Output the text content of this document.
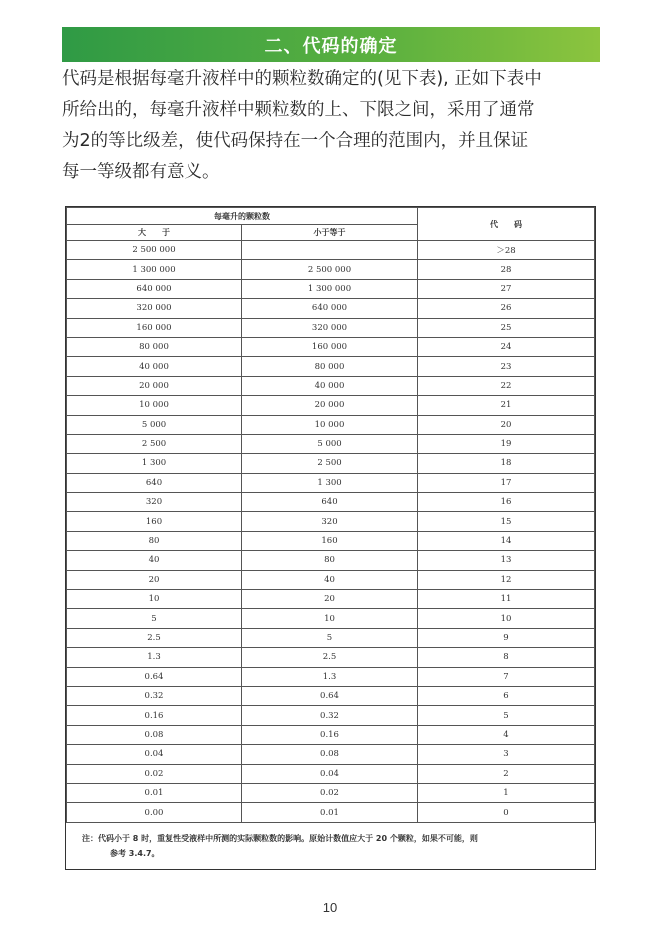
二、代码的确定
代码是根据每毫升液样中的颗粒数确定的(见下表), 正如下表中
所给出的，每毫升液样中颗粒数的上、下限之间，采用了通常
为2的等比级差，使代码保持在一个合理的范围内，并且保证
每一等级都有意义。
每毫升的颗粒数		代　　码
大　　于	小于等于	
2 500 000		＞28
1 300 000	2 500 000	28
640 000	1 300 000	27
320 000	640 000	26
160 000	320 000	25
80 000	160 000	24
40 000	80 000	23
20 000	40 000	22
10 000	20 000	21
5 000	10 000	20
2 500	5 000	19
1 300	2 500	18
640	1 300	17
320	640	16
160	320	15
80	160	14
40	80	13
20	40	12
10	20	11
5	10	10
2.5	5	9
1.3	2.5	8
0.64	1.3	7
0.32	0.64	6
0.16	0.32	5
0.08	0.16	4
0.04	0.08	3
0.02	0.04	2
0.01	0.02	1
0.00	0.01	0
注：代码小于 8 时，重复性受液样中所测的实际颗粒数的影响。原始计数值应大于 20 个颗粒，如果不可能，则
参考 3.4.7。
10
